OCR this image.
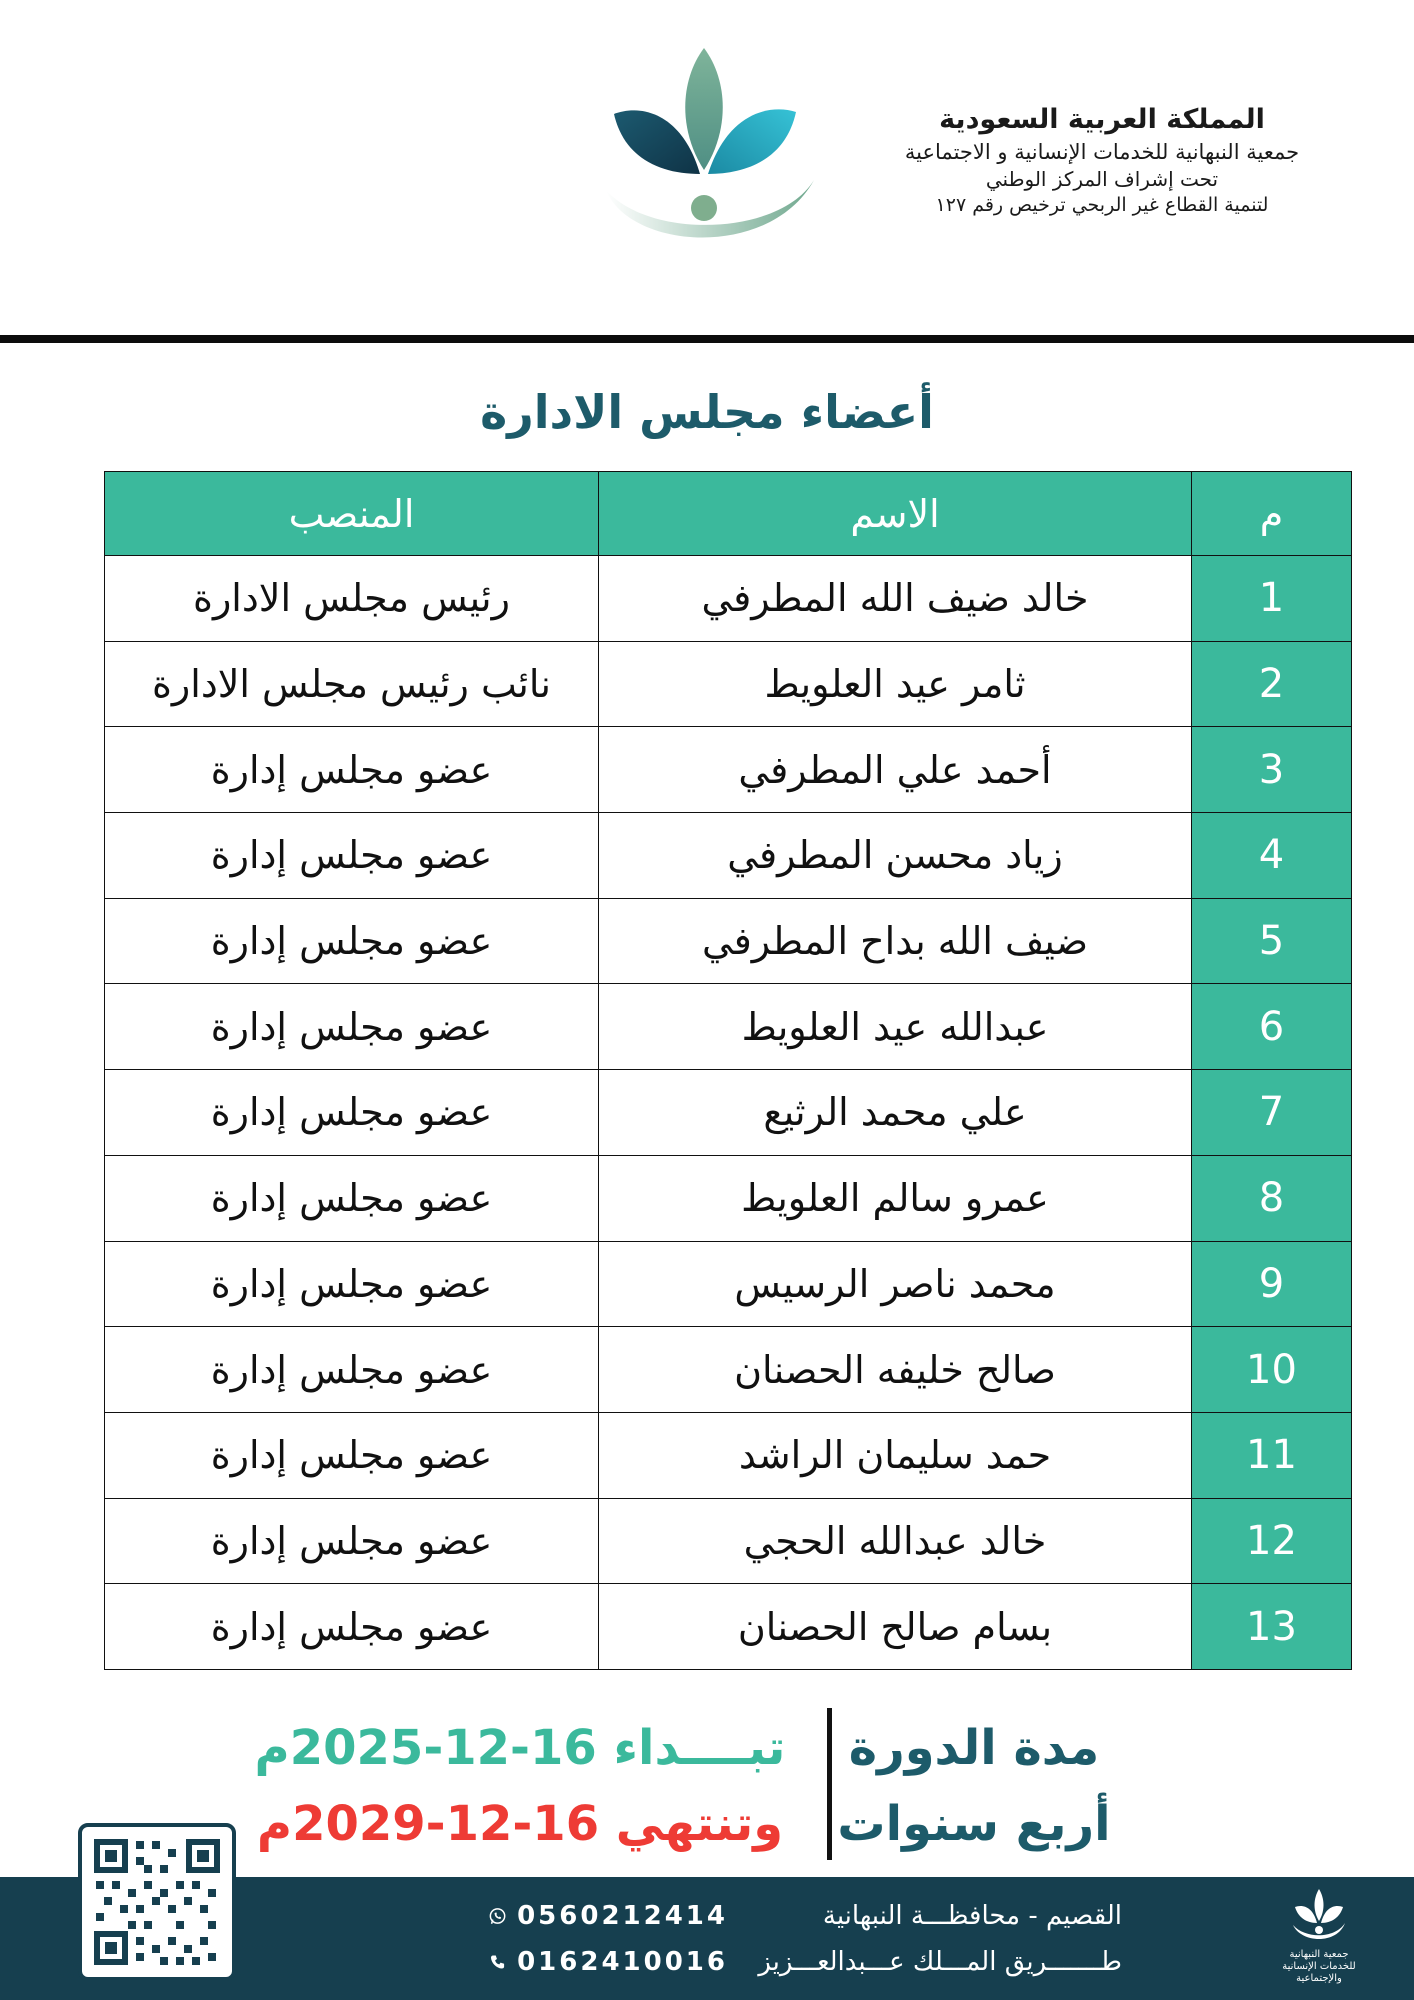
المملكة العربية السعودية
جمعية النبهانية للخدمات الإنسانية و الاجتماعية
تحت إشراف المركز الوطني
لتنمية القطاع غير الربحي ترخيص رقم ١٢٧
أعضاء مجلس الادارة
م	الاسم	المنصب
1	خالد ضيف الله المطرفي	رئيس مجلس الادارة
2	ثامر عيد العلويط	نائب رئيس مجلس الادارة
3	أحمد علي المطرفي	عضو مجلس إدارة
4	زياد محسن المطرفي	عضو مجلس إدارة
5	ضيف الله بداح المطرفي	عضو مجلس إدارة
6	عبدالله عيد العلويط	عضو مجلس إدارة
7	علي محمد الرثيع	عضو مجلس إدارة
8	عمرو سالم العلويط	عضو مجلس إدارة
9	محمد ناصر الرسيس	عضو مجلس إدارة
10	صالح خليفه الحصنان	عضو مجلس إدارة
11	حمد سليمان الراشد	عضو مجلس إدارة
12	خالد عبدالله الحجي	عضو مجلس إدارة
13	بسام صالح الحصنان	عضو مجلس إدارة
مدة الدورة
أربع سنوات
تبــــداء 16-12-2025م
وتنتهي 16-12-2029م
0560212414
0162410016
القصيم - محافظـــة النبهانية
طـــــــريق المـــلك عـــبدالعـــزيز	جمعية النبهانية للخدمات الإنسانية والإجتماعية
